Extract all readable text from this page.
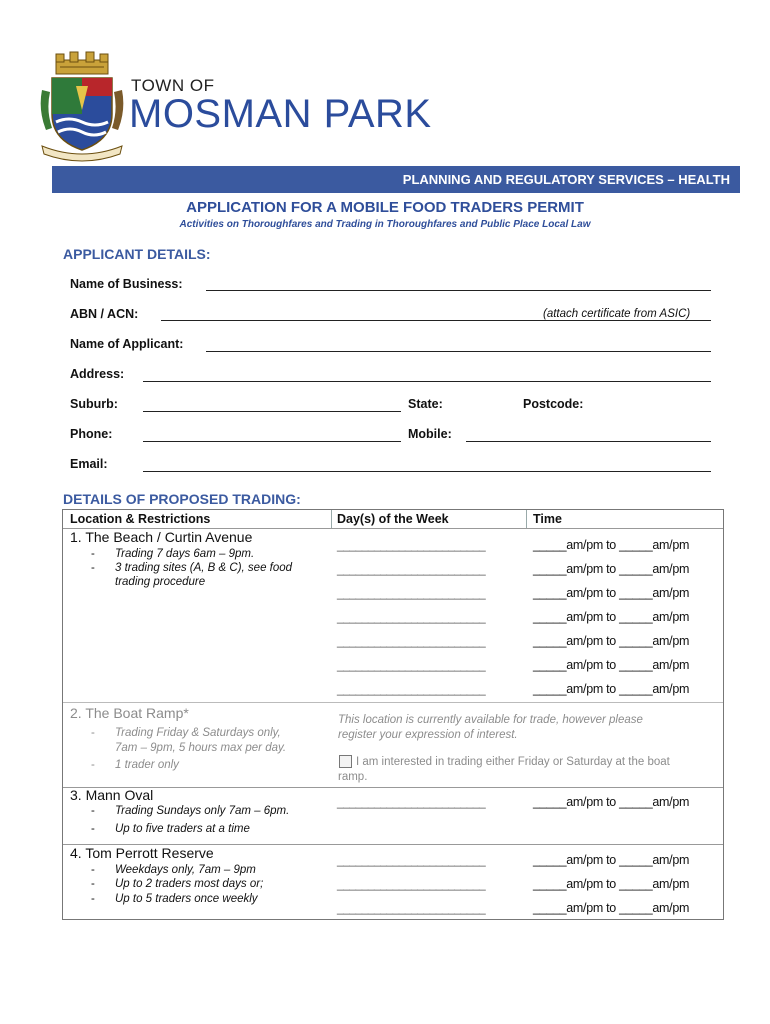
TOWN OF
MOSMAN PARK
PLANNING AND REGULATORY SERVICES – HEALTH
APPLICATION FOR A MOBILE FOOD TRADERS PERMIT
Activities on Thoroughfares and Trading in Thoroughfares and Public Place Local Law
APPLICANT DETAILS:
Name of Business:
ABN / ACN:	(attach certificate from ASIC)
Name of Applicant:
Address:
Suburb:	State:	Postcode:
Phone:	Mobile:
Email:
DETAILS OF PROPOSED TRADING:
Location & Restrictions	Day(s) of the Week	Time
1. The Beach / Curtin Avenue
- Trading 7 days 6am – 9pm.
- 3 trading sites (A, B & C), see food
trading procedure
________________________	_____am/pm to _____am/pm
________________________	_____am/pm to _____am/pm
________________________	_____am/pm to _____am/pm
________________________	_____am/pm to _____am/pm
________________________	_____am/pm to _____am/pm
________________________	_____am/pm to _____am/pm
________________________	_____am/pm to _____am/pm
2. The Boat Ramp*
- Trading Friday & Saturdays only,
7am – 9pm, 5 hours max per day.
- 1 trader only
This location is currently available for trade, however please
register your expression of interest.
I am interested in trading either Friday or Saturday at the boat
ramp.
3. Mann Oval
- Trading Sundays only 7am – 6pm.
- Up to five traders at a time
________________________	_____am/pm to _____am/pm
4. Tom Perrott Reserve
- Weekdays only, 7am – 9pm
- Up to 2 traders most days or;
- Up to 5 traders once weekly
________________________	_____am/pm to _____am/pm
________________________	_____am/pm to _____am/pm
________________________	_____am/pm to _____am/pm
